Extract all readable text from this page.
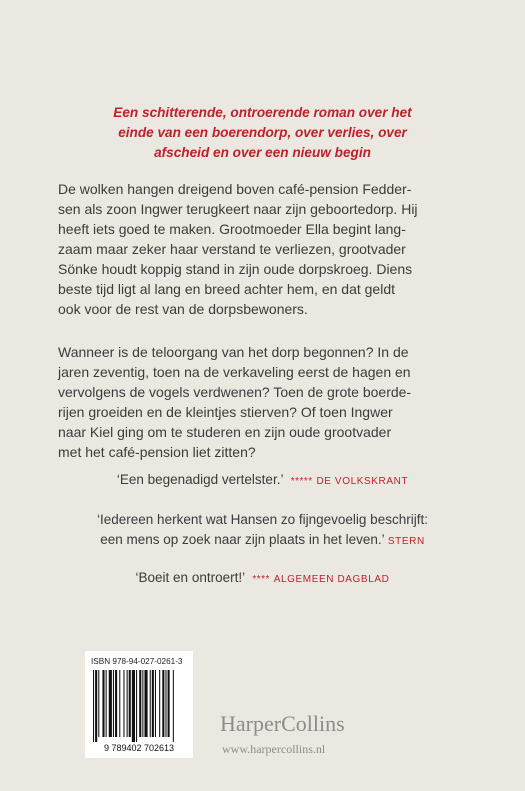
Een schitterende, ontroerende roman over het
einde van een boerendorp, over verlies, over
afscheid en over een nieuw begin
De wolken hangen dreigend boven café-pension Fedder-
sen als zoon Ingwer terugkeert naar zijn geboortedorp. Hij
heeft iets goed te maken. Grootmoeder Ella begint lang-
zaam maar zeker haar verstand te verliezen, grootvader
Sönke houdt koppig stand in zijn oude dorpskroeg. Diens
beste tijd ligt al lang en breed achter hem, en dat geldt
ook voor de rest van de dorpsbewoners.
Wanneer is de teloorgang van het dorp begonnen? In de
jaren zeventig, toen na de verkaveling eerst de hagen en
vervolgens de vogels verdwenen? Toen de grote boerde-
rijen groeiden en de kleintjes stierven? Of toen Ingwer
naar Kiel ging om te studeren en zijn oude grootvader
met het café-pension liet zitten?
‘Een begenadigd vertelster.’ ***** DE VOLKSKRANT
‘Iedereen herkent wat Hansen zo fijngevoelig beschrijft:
een mens op zoek naar zijn plaats in het leven.’ STERN
‘Boeit en ontroert!’ **** ALGEMEEN DAGBLAD
ISBN 978-94-027-0261-3
9 789402 702613
HarperCollins
www.harpercollins.nl
